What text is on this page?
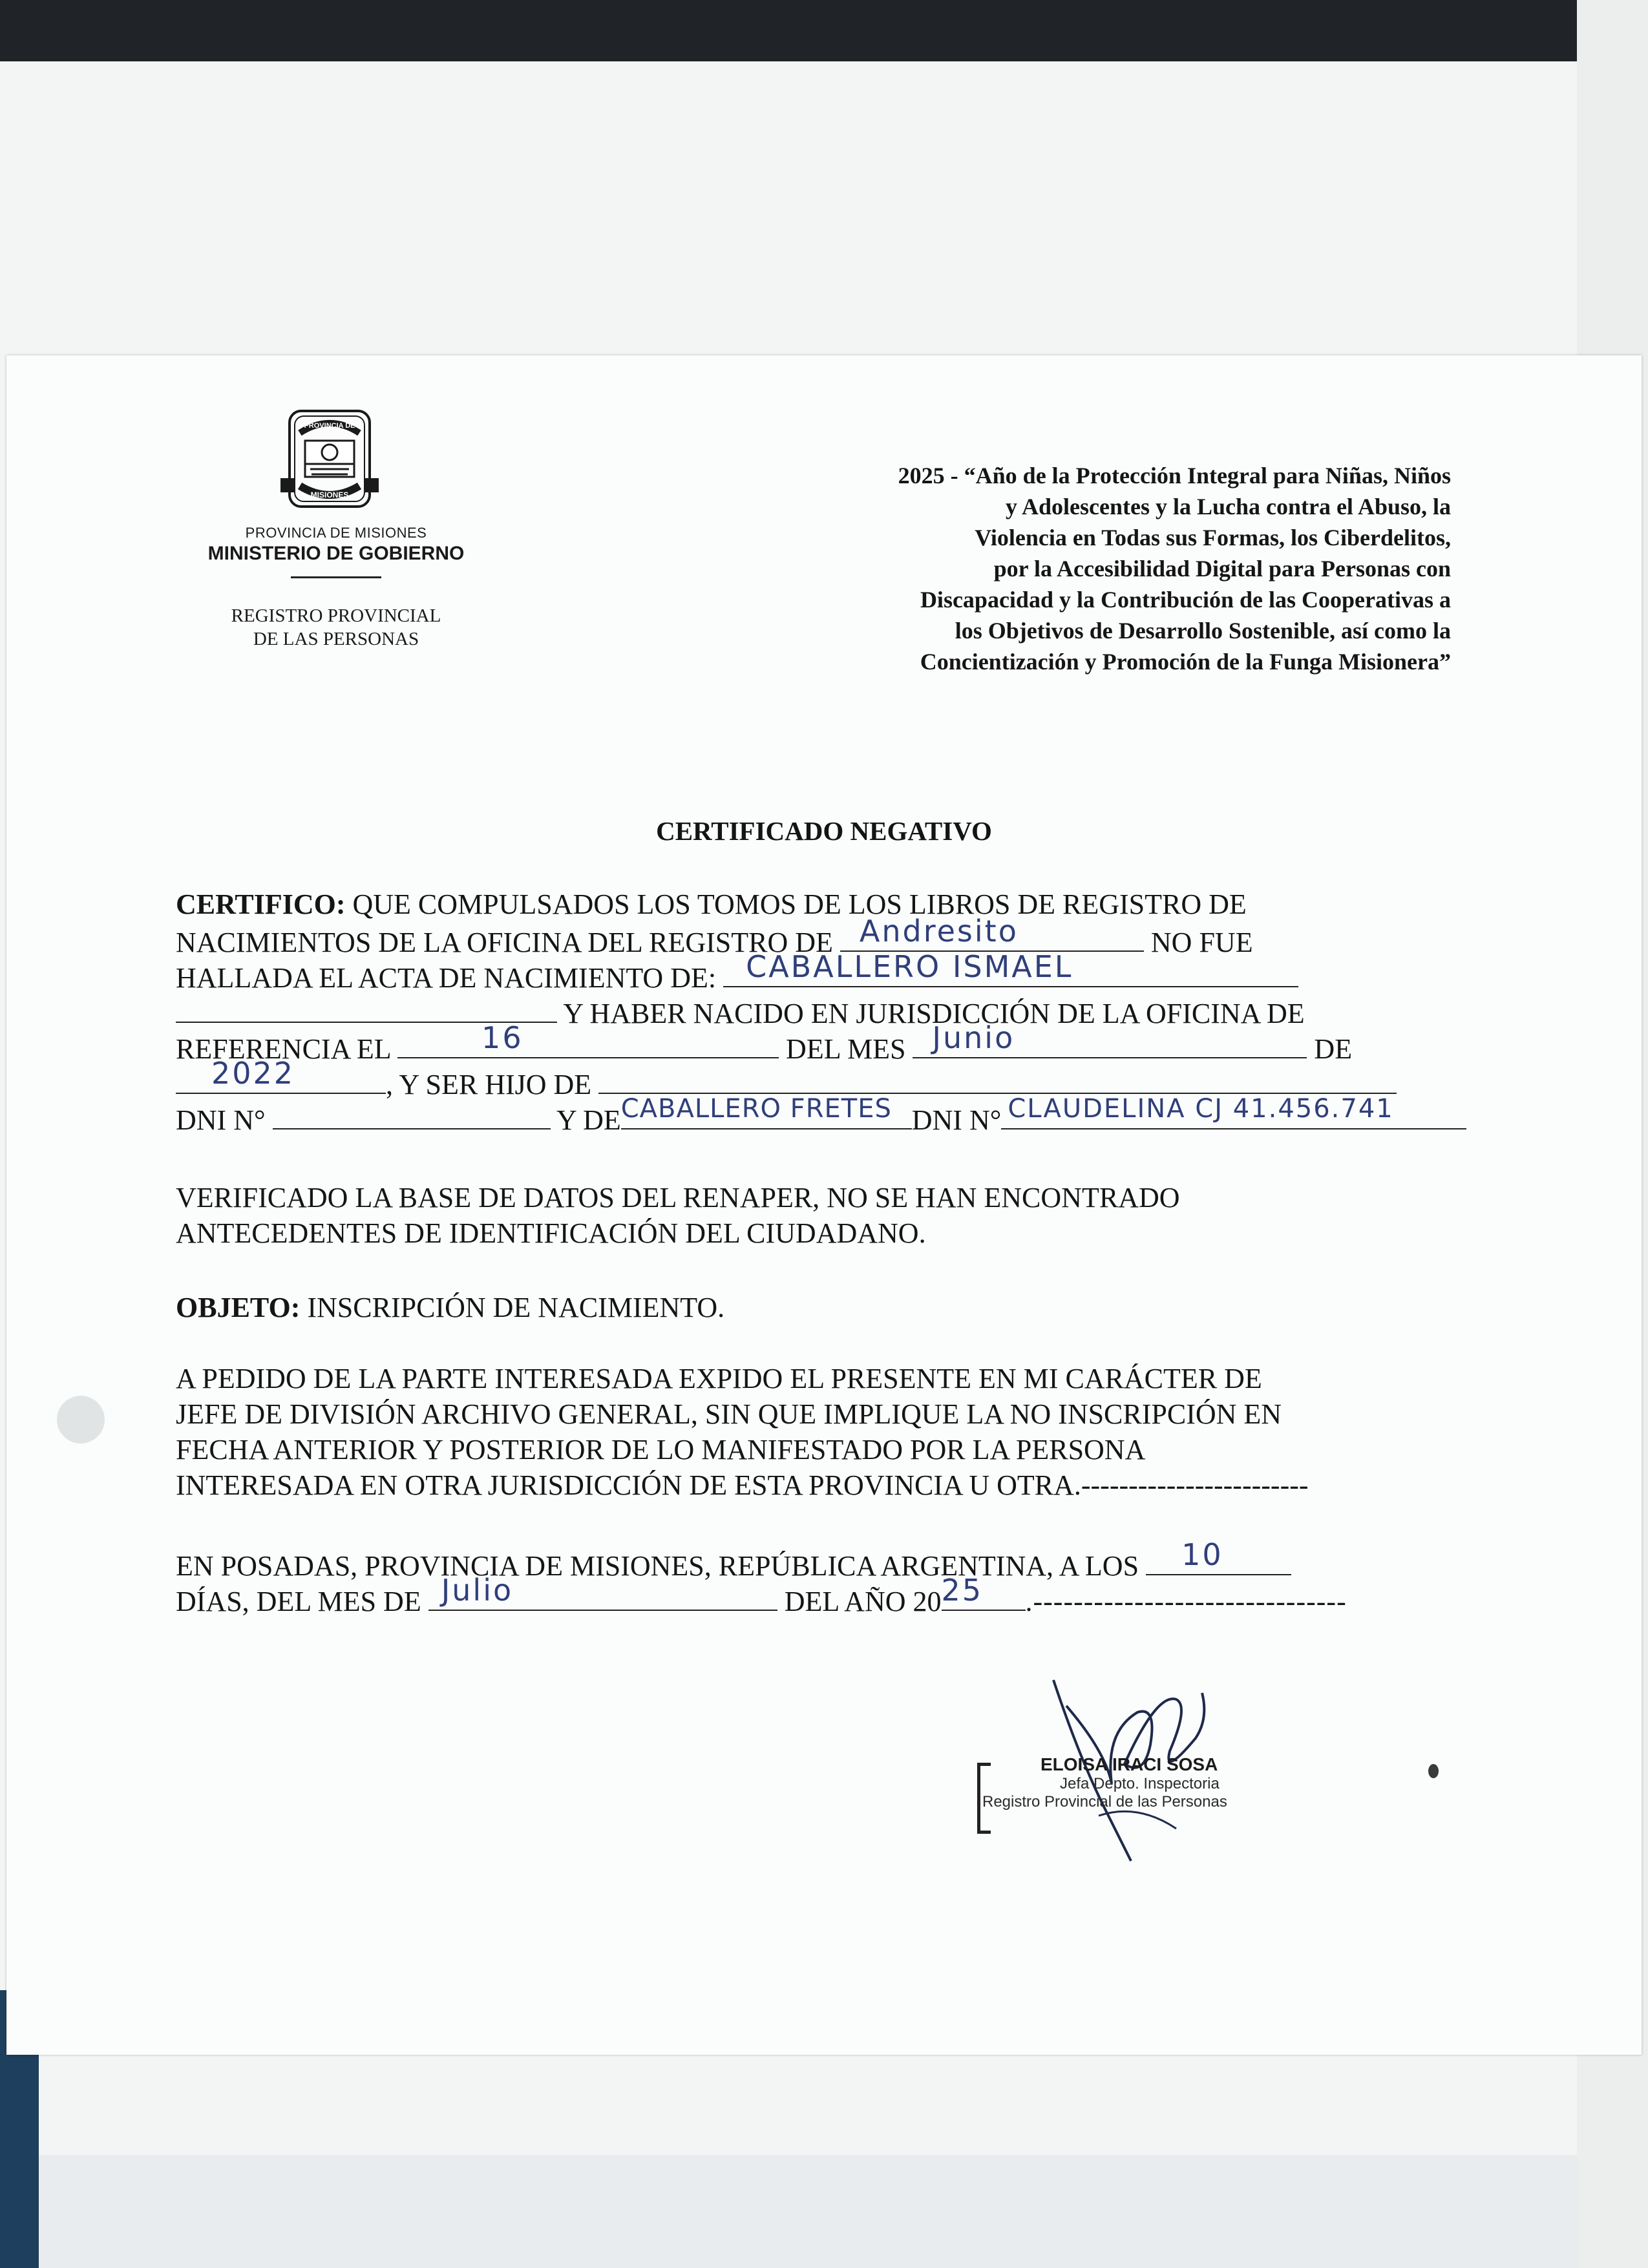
PROVINCIA DE
MISIONES
PROVINCIA DE MISIONES
MINISTERIO DE GOBIERNO
REGISTRO PROVINCIAL
DE LAS PERSONAS
2025 - “Año de la Protección Integral para Niñas, Niños
y Adolescentes y la Lucha contra el Abuso, la
Violencia en Todas sus Formas, los Ciberdelitos,
por la Accesibilidad Digital para Personas con
Discapacidad y la Contribución de las Cooperativas a
los Objetivos de Desarrollo Sostenible, así como la
Concientización y Promoción de la Funga Misionera”
CERTIFICADO NEGATIVO
CERTIFICO: QUE COMPULSADOS LOS TOMOS DE LOS LIBROS DE REGISTRO DE
NACIMIENTOS DE LA OFICINA DEL REGISTRO DE Andresito	NO FUE
HALLADA EL ACTA DE NACIMIENTO DE: CABALLERO ISMAEL
Y HABER NACIDO EN JURISDICCIÓN DE LA OFICINA DE
REFERENCIA EL	16	DEL MES Junio	DE
2022	, Y SER HIJO DE
DNI N°	Y DE CABALLERO FRETES DNI N° CLAUDELINA CJ 41.456.741
VERIFICADO LA BASE DE DATOS DEL RENAPER, NO SE HAN ENCONTRADO
ANTECEDENTES DE IDENTIFICACIÓN DEL CIUDADANO.
OBJETO: INSCRIPCIÓN DE NACIMIENTO.
A PEDIDO DE LA PARTE INTERESADA EXPIDO EL PRESENTE EN MI CARÁCTER DE
JEFE DE DIVISIÓN ARCHIVO GENERAL, SIN QUE IMPLIQUE LA NO INSCRIPCIÓN EN
FECHA ANTERIOR Y POSTERIOR DE LO MANIFESTADO POR LA PERSONA
INTERESADA EN OTRA JURISDICCIÓN DE ESTA PROVINCIA U OTRA.------------------------
EN POSADAS, PROVINCIA DE MISIONES, REPÚBLICA ARGENTINA, A LOS 10
DÍAS, DEL MES DE Julio	DEL AÑO 20 25 .-------------------------------
ELOISA IRACI SOSA
Jefa Depto. Inspectoria
Registro Provincial de las Personas
